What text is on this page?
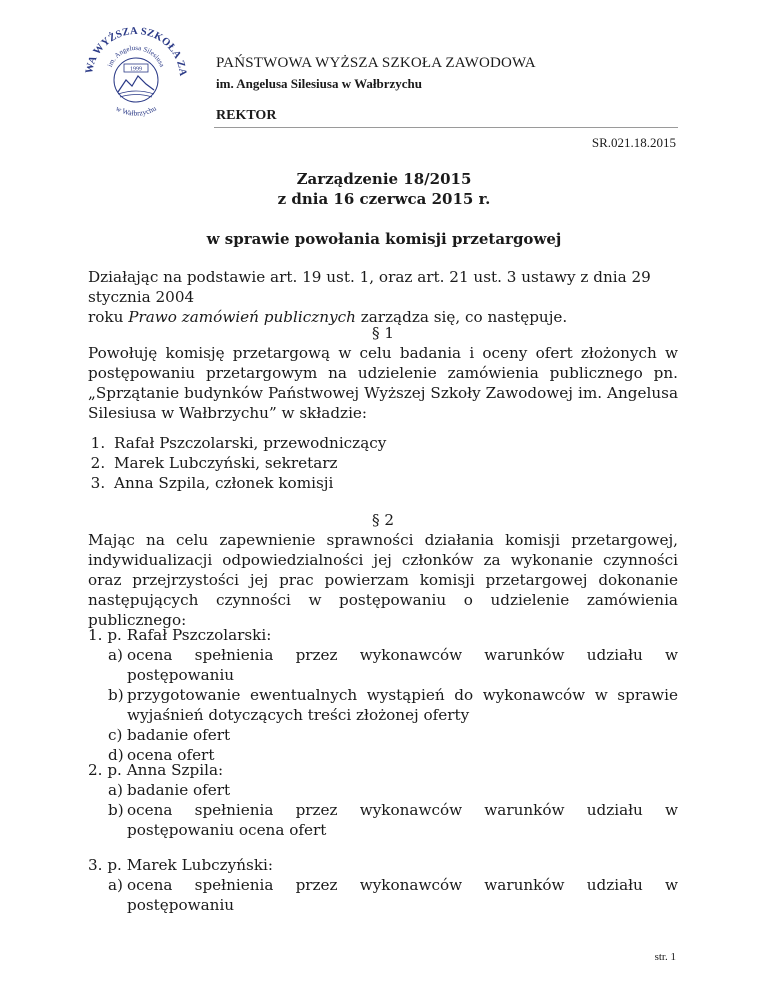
WA WYŻSZA SZKOŁA ZA
im. Angelusa Silesiusa
1999
w Wałbrzychu
PAŃSTWOWA WYŻSZA SZKOŁA ZAWODOWA
im. Angelusa Silesiusa w Wałbrzychu
REKTOR
SR.021.18.2015
Zarządzenie 18/2015
z dnia 16 czerwca 2015 r.
w sprawie powołania komisji przetargowej
Działając na podstawie art. 19 ust. 1, oraz art. 21 ust. 3 ustawy z dnia 29 stycznia 2004
roku Prawo zamówień publicznych zarządza się, co następuje.
§ 1
Powołuję komisję przetargową w celu badania i oceny ofert złożonych w postępowaniu przetargowym na udzielenie zamówienia publicznego pn. „Sprzątanie budynków Państwowej Wyższej Szkoły Zawodowej im. Angelusa Silesiusa w Wałbrzychu” w składzie:
1. Rafał Pszczolarski, przewodniczący
2. Marek Lubczyński, sekretarz
3. Anna Szpila, członek komisji
§ 2
Mając na celu zapewnienie sprawności działania komisji przetargowej, indywidualizacji odpowiedzialności jej członków za wykonanie czynności oraz przejrzystości jej prac powierzam komisji przetargowej dokonanie następujących czynności w postępowaniu o udzielenie zamówienia publicznego:
1. p. Rafał Pszczolarski:
a) ocena spełnienia przez wykonawców warunków udziału w postępowaniu
b) przygotowanie ewentualnych wystąpień do wykonawców w sprawie wyjaśnień dotyczących treści złożonej oferty
c) badanie ofert
d) ocena ofert
2. p. Anna Szpila:
a) badanie ofert
b) ocena spełnienia przez wykonawców warunków udziału w postępowaniu ocena ofert
3. p. Marek Lubczyński:
a) ocena spełnienia przez wykonawców warunków udziału w postępowaniu
str. 1
